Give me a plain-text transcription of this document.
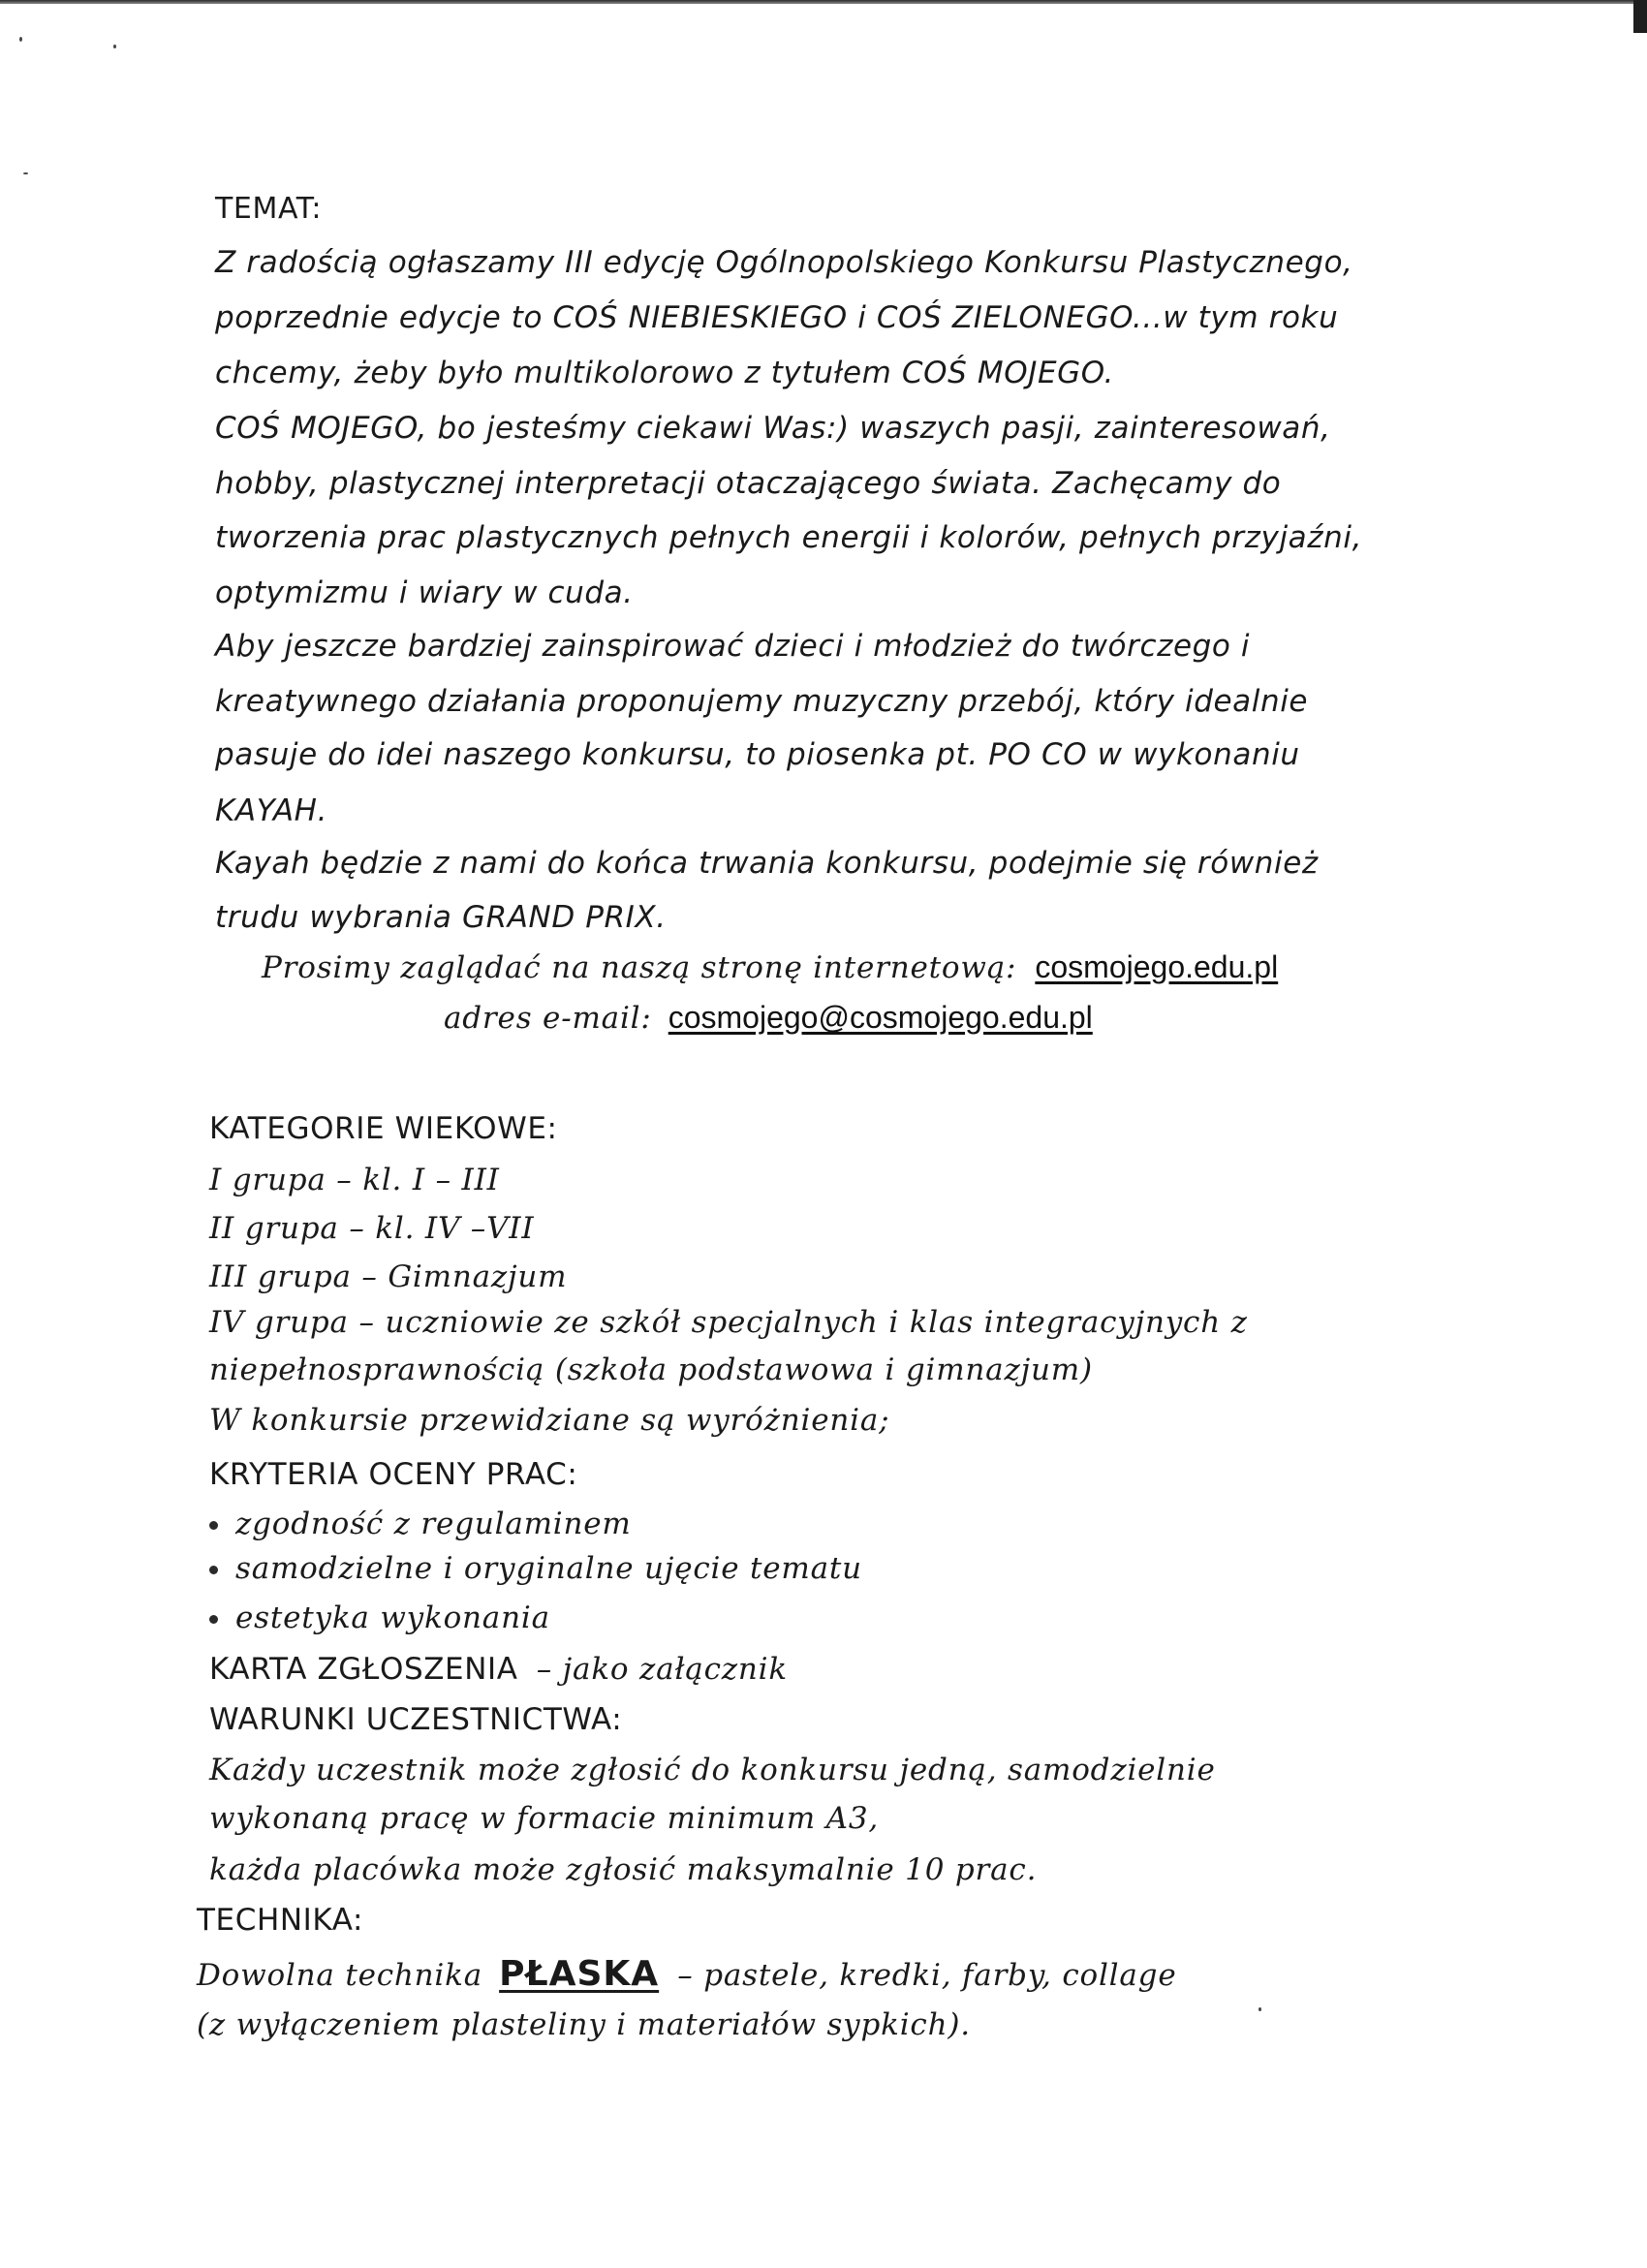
TEMAT:
Z radością ogłaszamy III edycję Ogólnopolskiego Konkursu Plastycznego,
poprzednie edycje to COŚ NIEBIESKIEGO i COŚ ZIELONEGO...w tym roku
chcemy, żeby było multikolorowo z tytułem COŚ MOJEGO.
COŚ MOJEGO, bo jesteśmy ciekawi Was:) waszych pasji, zainteresowań,
hobby, plastycznej interpretacji otaczającego świata. Zachęcamy do
tworzenia prac plastycznych pełnych energii i kolorów, pełnych przyjaźni,
optymizmu i wiary w cuda.
Aby jeszcze bardziej zainspirować dzieci i młodzież do twórczego i
kreatywnego działania proponujemy muzyczny przebój, który idealnie
pasuje do idei naszego konkursu, to piosenka pt. PO CO w wykonaniu
KAYAH.
Kayah będzie z nami do końca trwania konkursu, podejmie się również
trudu wybrania GRAND PRIX.
Prosimy zaglądać na naszą stronę internetową: cosmojego.edu.pl
adres e-mail: cosmojego@cosmojego.edu.pl
KATEGORIE WIEKOWE:
I grupa – kl. I – III
II grupa – kl. IV –VII
III grupa – Gimnazjum
IV grupa – uczniowie ze szkół specjalnych i klas integracyjnych z
niepełnosprawnością (szkoła podstawowa i gimnazjum)
W konkursie przewidziane są wyróżnienia;
KRYTERIA OCENY PRAC:
zgodność z regulaminem
samodzielne i oryginalne ujęcie tematu
estetyka wykonania
KARTA ZGŁOSZENIA – jako załącznik
WARUNKI UCZESTNICTWA:
Każdy uczestnik może zgłosić do konkursu jedną, samodzielnie
wykonaną pracę w formacie minimum A3,
każda placówka może zgłosić maksymalnie 10 prac.
TECHNIKA:
Dowolna technika PŁASKA – pastele, kredki, farby, collage
(z wyłączeniem plasteliny i materiałów sypkich).
